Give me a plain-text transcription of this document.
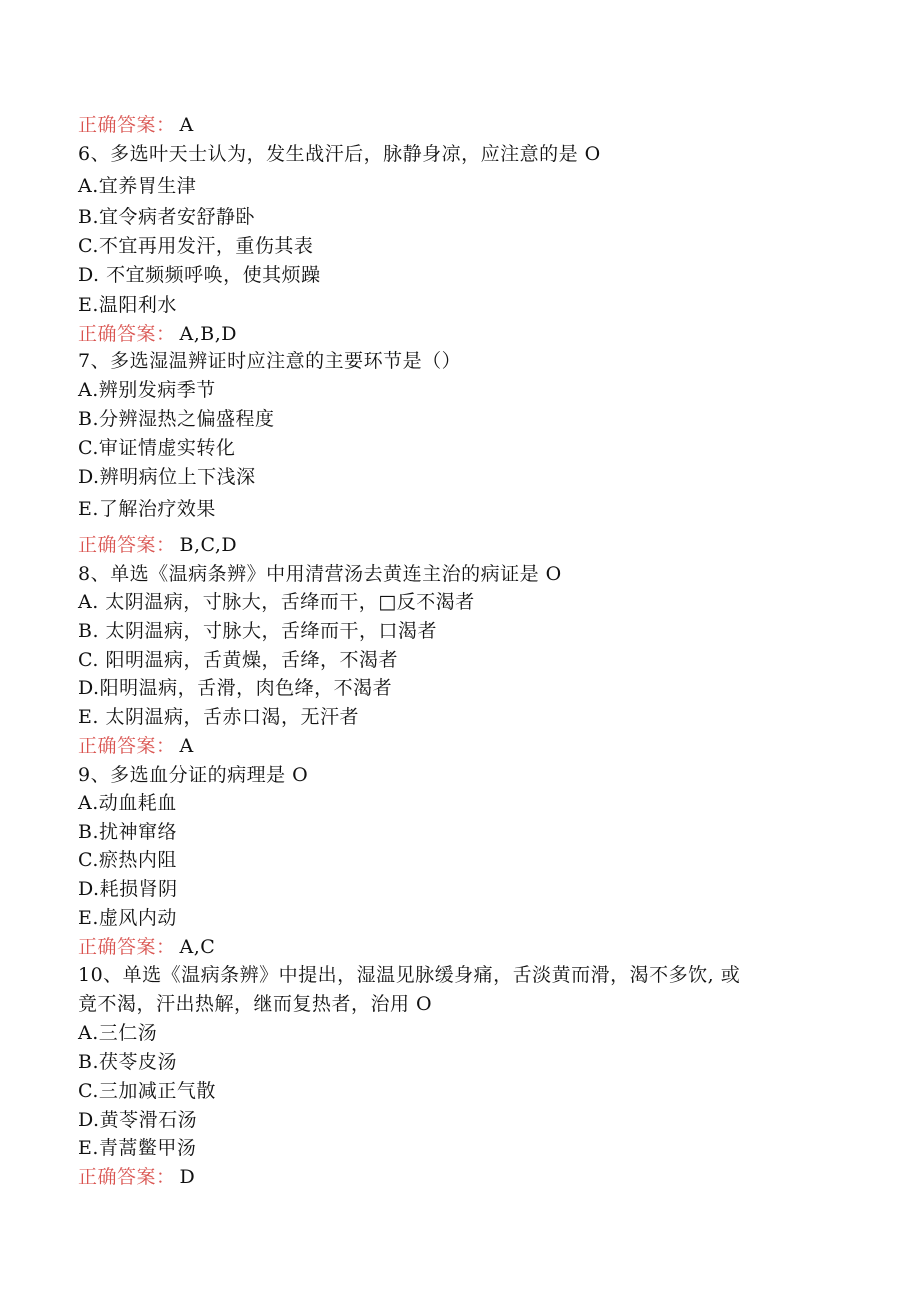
正确答案： A
6、多选叶天士认为，发生战汗后，脉静身凉，应注意的是 O
A.宜养胃生津
B.宜令病者安舒静卧
C.不宜再用发汗，重伤其表
D. 不宜频频呼唤，使其烦躁
E.温阳利水
正确答案： A,B,D
7、多选湿温辨证时应注意的主要环节是（）
A.辨别发病季节
B.分辨湿热之偏盛程度
C.审证情虚实转化
D.辨明病位上下浅深
E.了解治疗效果
正确答案： B,C,D
8、单选《温病条辨》中用清营汤去黄连主治的病证是 O
A. 太阴温病，寸脉大，舌绛而干，□反不渴者
B. 太阴温病，寸脉大，舌绛而干，口渴者
C. 阳明温病，舌黄燥，舌绛，不渴者
D.阳明温病，舌滑，肉色绛，不渴者
E. 太阴温病，舌赤口渴，无汗者
正确答案： A
9、多选血分证的病理是 O
A.动血耗血
B.扰神窜络
C.瘀热内阻
D.耗损肾阴
E.虚风内动
正确答案： A,C
10、单选《温病条辨》中提出，湿温见脉缓身痛，舌淡黄而滑，渴不多饮, 或
竟不渴，汗出热解，继而复热者，治用 O
A.三仁汤
B.茯苓皮汤
C.三加减正气散
D.黄苓滑石汤
E.青蒿鳖甲汤
正确答案： D
